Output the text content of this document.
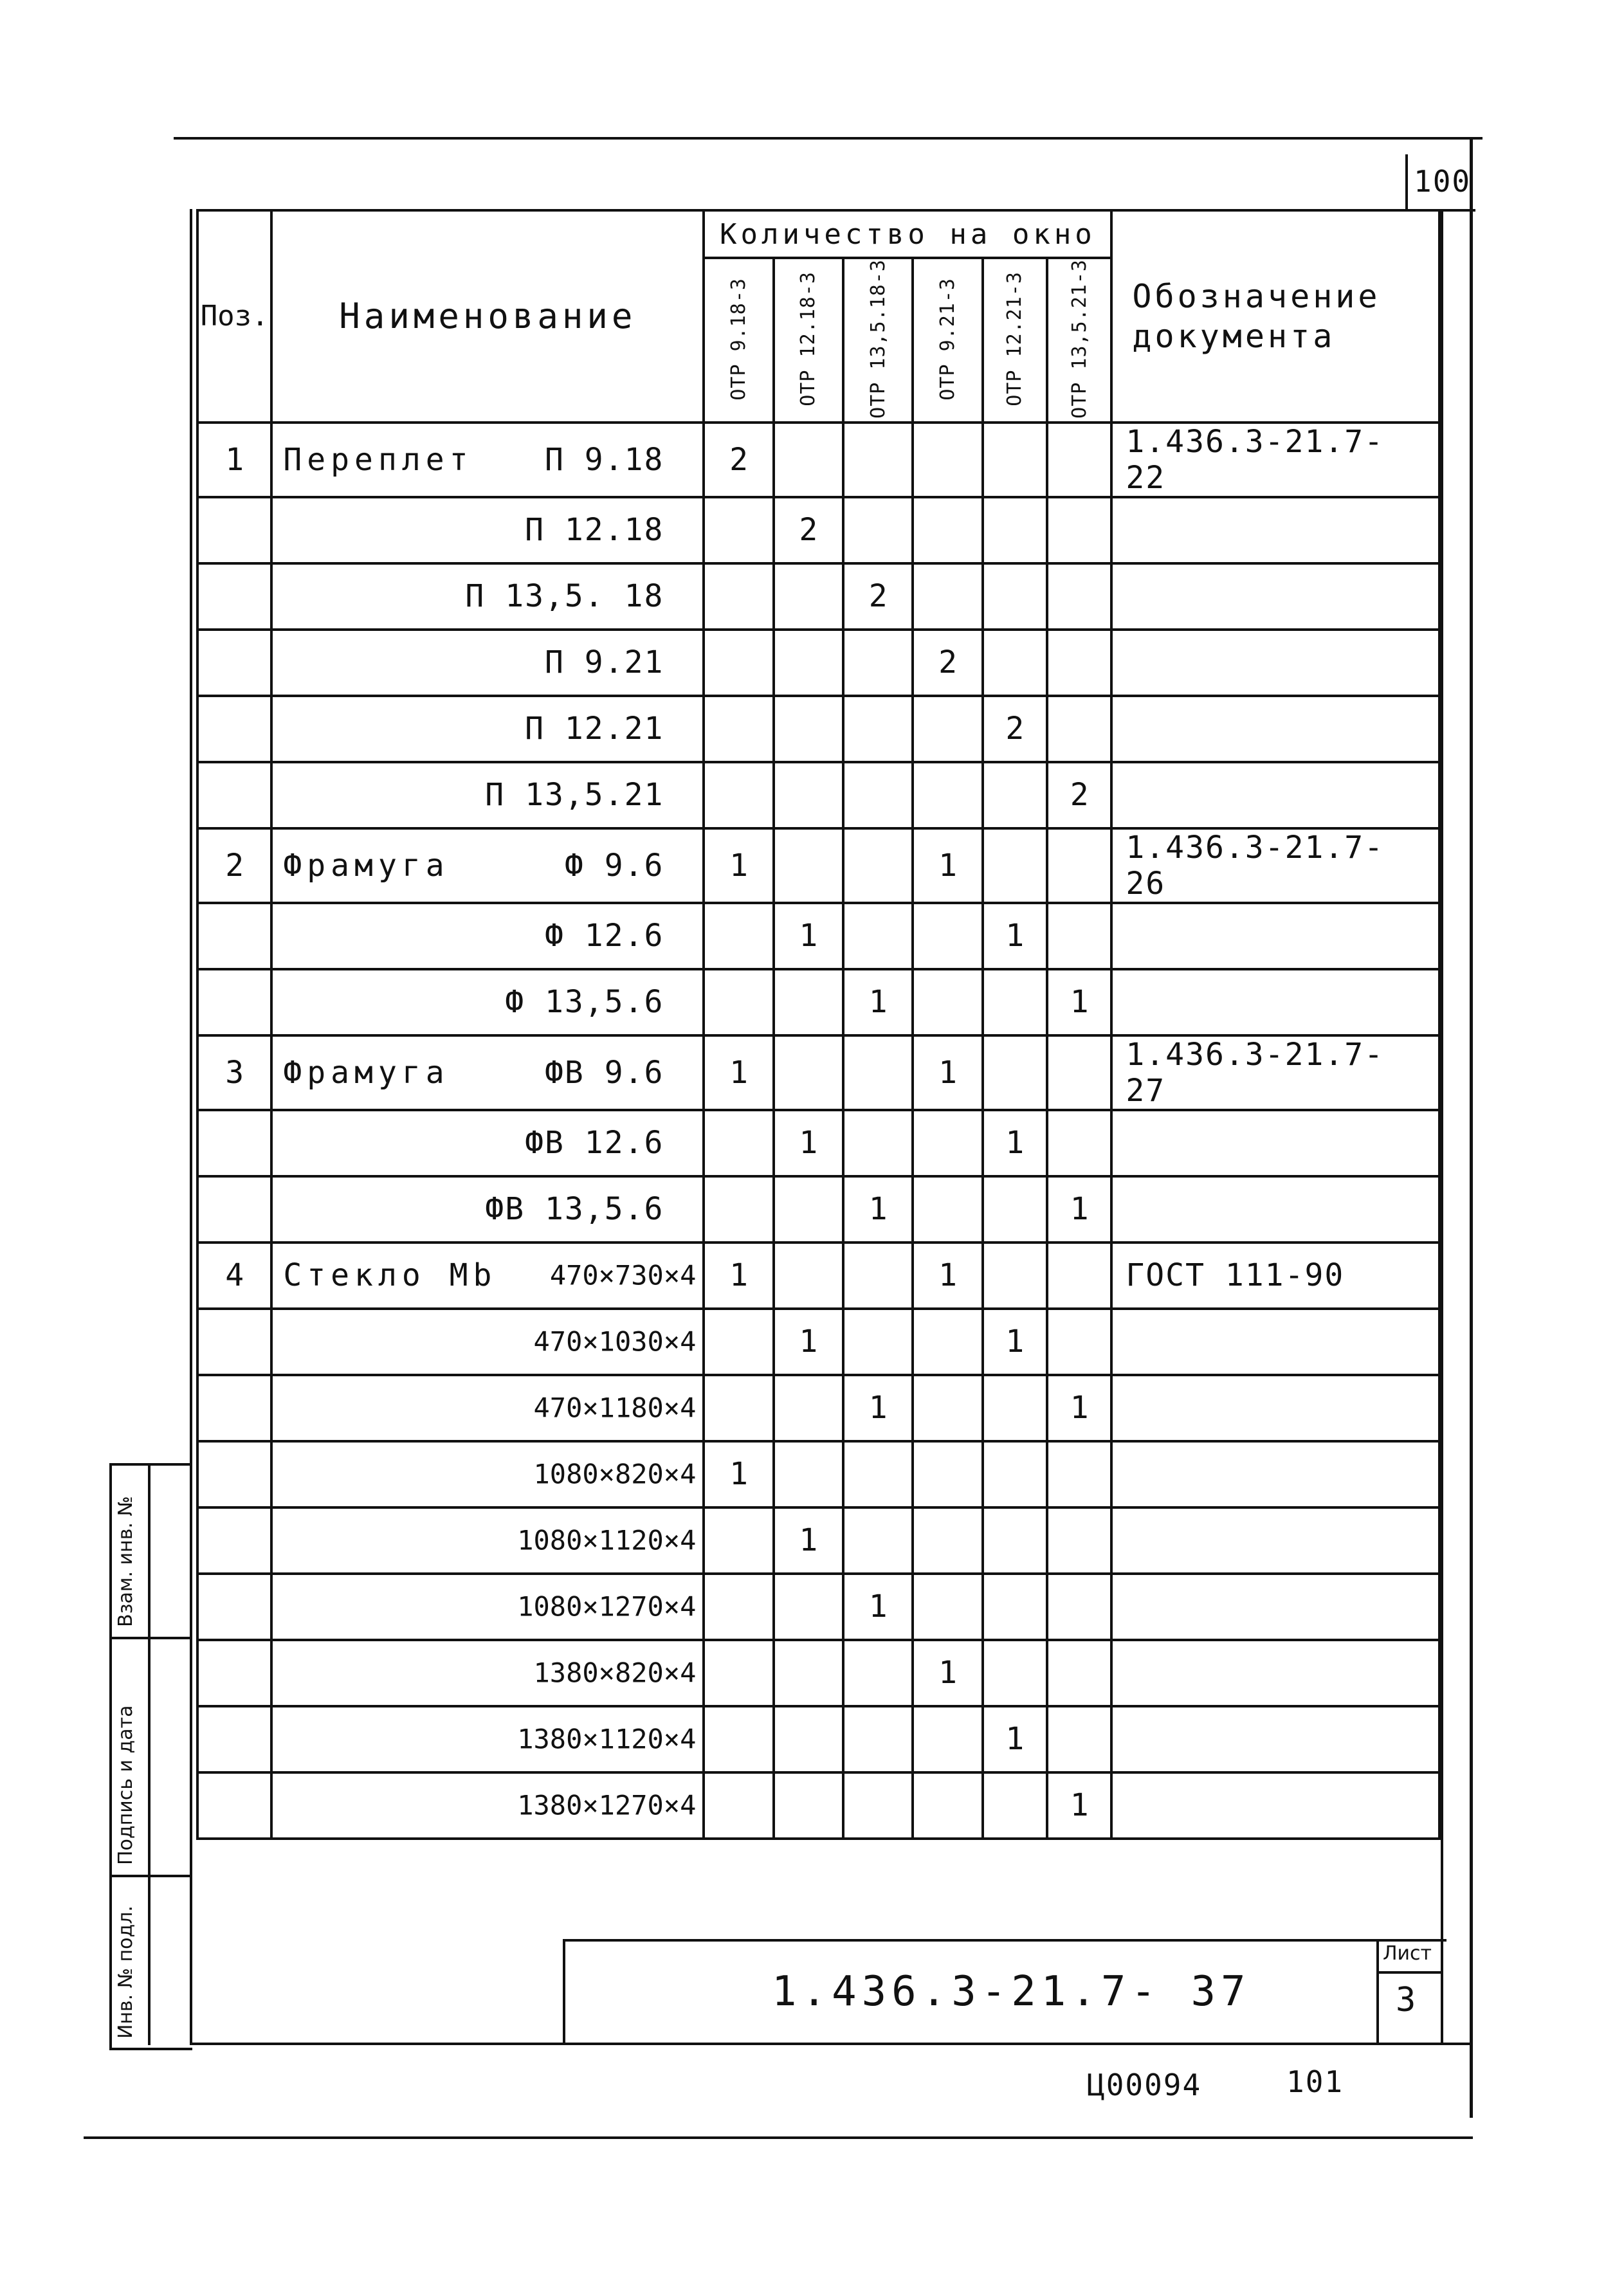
100
Поз.	Наименование	Количество на окно						Обозначение
документа

		ОТР 9.18-3	ОТР 12.18-3	ОТР 13,5.18-3	ОТР 9.21-3	ОТР 12.21-3	ОТР 13,5.21-3	
1	Переплет П 9.18	2						1.436.3-21.7- 22

	П 12.18		2					

	П 13,5. 18			2				

	П 9.21				2			

	П 12.21					2		

	П 13,5.21						2	
2	Фрамуга Ф 9.6	1			1			1.436.3-21.7- 26

	Ф 12.6		1			1		

	Ф 13,5.6			1			1	
3	Фрамуга ФВ 9.6	1			1			1.436.3-21.7- 27

	ФВ 12.6		1			1		

	ФВ 13,5.6			1			1	
4	Стекло Мb 470×730×4	1			1			ГОСТ 111-90

	470×1030×4		1			1		

	470×1180×4			1			1	

	1080×820×4	1						

	1080×1120×4		1					

	1080×1270×4			1				

	1380×820×4				1			

	1380×1120×4					1		

	1380×1270×4						1	
1.436.3-21.7- 37
Лист
3
Инв. № подл.
Подпись и дата
Взам. инв. №
Ц00094	101
